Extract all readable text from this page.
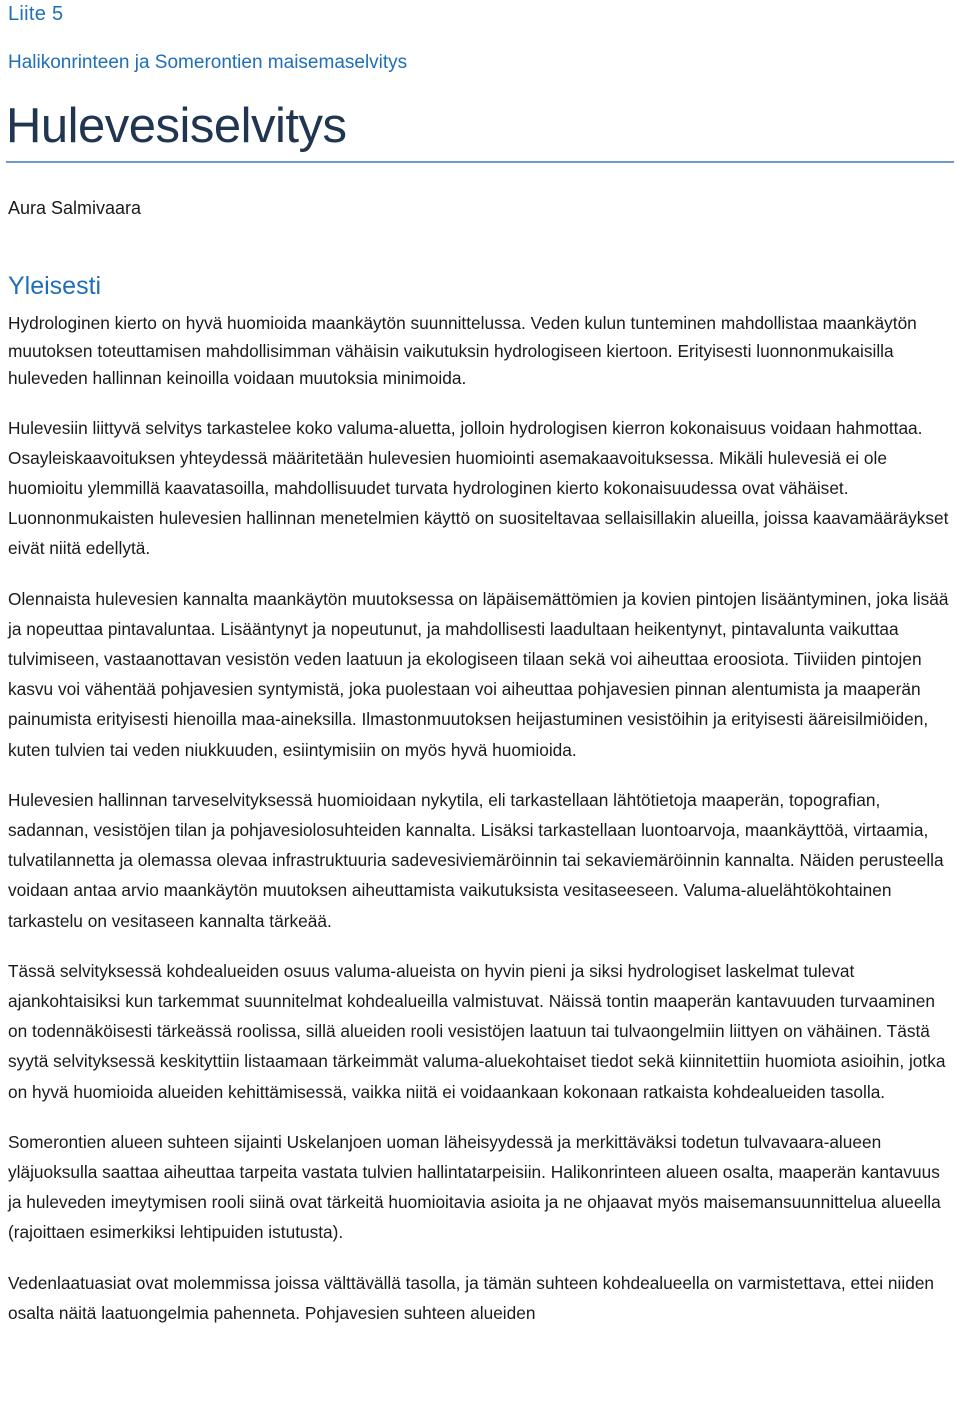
Liite 5
Halikonrinteen ja Somerontien maisemaselvitys
Hulevesiselvitys
Aura Salmivaara
Yleisesti

Hydrologinen kierto on hyvä huomioida maankäytön suunnittelussa. Veden kulun tunteminen mahdollistaa maankäytön muutoksen toteuttamisen mahdollisimman vähäisin vaikutuksin hydrologiseen kiertoon. Erityisesti luonnonmukaisilla huleveden hallinnan keinoilla voidaan muutoksia minimoida.

Hulevesiin liittyvä selvitys tarkastelee koko valuma-aluetta, jolloin hydrologisen kierron kokonaisuus voidaan hahmottaa. Osayleiskaavoituksen yhteydessä määritetään hulevesien huomiointi asemakaavoituksessa. Mikäli hulevesiä ei ole huomioitu ylemmillä kaavatasoilla, mahdollisuudet turvata hydrologinen kierto kokonaisuudessa ovat vähäiset. Luonnonmukaisten hulevesien hallinnan menetelmien käyttö on suositeltavaa sellaisillakin alueilla, joissa kaavamääräykset eivät niitä edellytä.

Olennaista hulevesien kannalta maankäytön muutoksessa on läpäisemättömien ja kovien pintojen lisääntyminen, joka lisää ja nopeuttaa pintavaluntaa. Lisääntynyt ja nopeutunut, ja mahdollisesti laadultaan heikentynyt, pintavalunta vaikuttaa tulvimiseen, vastaanottavan vesistön veden laatuun ja ekologiseen tilaan sekä voi aiheuttaa eroosiota. Tiiviiden pintojen kasvu voi vähentää pohjavesien syntymistä, joka puolestaan voi aiheuttaa pohjavesien pinnan alentumista ja maaperän painumista erityisesti hienoilla maa-aineksilla. Ilmastonmuutoksen heijastuminen vesistöihin ja erityisesti ääreisilmiöiden, kuten tulvien tai veden niukkuuden, esiintymisiin on myös hyvä huomioida.

Hulevesien hallinnan tarveselvityksessä huomioidaan nykytila, eli tarkastellaan lähtötietoja maaperän, topografian, sadannan, vesistöjen tilan ja pohjavesiolosuhteiden kannalta. Lisäksi tarkastellaan luontoarvoja, maankäyttöä, virtaamia, tulvatilannetta ja olemassa olevaa infrastruktuuria sadevesiviemäröinnin tai sekaviemäröinnin kannalta. Näiden perusteella voidaan antaa arvio maankäytön muutoksen aiheuttamista vaikutuksista vesitaseeseen. Valuma-aluelähtökohtainen tarkastelu on vesitaseen kannalta tärkeää.

Tässä selvityksessä kohdealueiden osuus valuma-alueista on hyvin pieni ja siksi hydrologiset laskelmat tulevat ajankohtaisiksi kun tarkemmat suunnitelmat kohdealueilla valmistuvat. Näissä tontin maaperän kantavuuden turvaaminen on todennäköisesti tärkeässä roolissa, sillä alueiden rooli vesistöjen laatuun tai tulvaongelmiin liittyen on vähäinen. Tästä syytä selvityksessä keskityttiin listaamaan tärkeimmät valuma-aluekohtaiset tiedot sekä kiinnitettiin huomiota asioihin, jotka on hyvä huomioida alueiden kehittämisessä, vaikka niitä ei voidaankaan kokonaan ratkaista kohdealueiden tasolla.

Somerontien alueen suhteen sijainti Uskelanjoen uoman läheisyydessä ja merkittäväksi todetun tulvavaara-alueen yläjuoksulla saattaa aiheuttaa tarpeita vastata tulvien hallintatarpeisiin. Halikonrinteen alueen osalta, maaperän kantavuus ja huleveden imeytymisen rooli siinä ovat tärkeitä huomioitavia asioita ja ne ohjaavat myös maisemansuunnittelua alueella (rajoittaen esimerkiksi lehtipuiden istutusta).

Vedenlaatuasiat ovat molemmissa joissa välttävällä tasolla, ja tämän suhteen kohdealueella on varmistettava, ettei niiden osalta näitä laatuongelmia pahenneta. Pohjavesien suhteen alueiden
